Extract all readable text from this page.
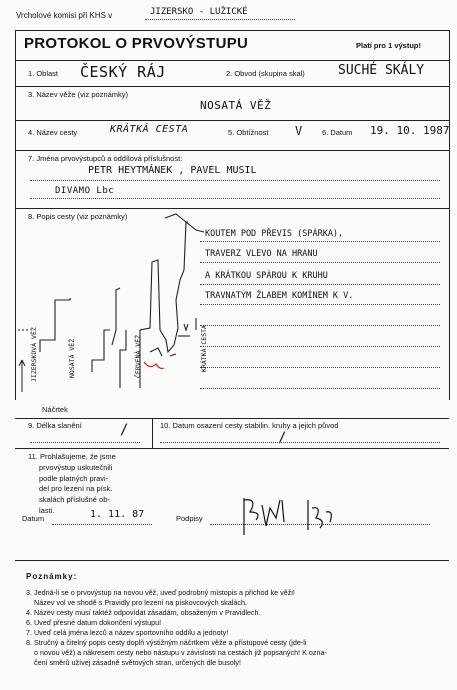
Vrcholové komisi při KHS v	JIZERSKO - LUŽICKÉ
PROTOKOL O PRVOVÝSTUPU	Platí pro 1 výstup!
1. Oblast ČESKÝ RÁJ	2. Obvod (skupina skal)	SUCHÉ SKÁLY
3. Název věže (viz poznámky)
NOSATÁ VĚŽ
4. Název cesty	KRÁTKÁ CESTA	5. Obtížnost V	6. Datum 19. 10. 1987
7. Jména prvovýstupců a oddílová příslušnost:
PETR HEYTMÁNEK , PAVEL MUSIL
DIVAMO Lbc
8. Popis cesty (viz poznámky)
KOUTEM POD PŘEVIS (SPÁRKA),
TRAVERZ VLEVO NA HRANU
A KRÁTKOU SPÁROU K KRUHU
TRAVNATÝM ŽLABEM KOMÍNEM K V.
Náčrtek
JIZERSKOVÁ VĚŽ	NOSATÁ VĚŽ	ČERVENÁ VĚŽ	KRÁTKÁ CESTA
9. Délka slanění	10. Datum osazení cesty stabilin. kruhy a jejich původ
/	/
11. Prohlašujeme, že jsme
prvovýstup uskutečnili
podle platných pravi-
del pro lezení na písk.
skalách příslušné ob-
lasti.
Datum	1. 11. 87	Podpisy
Poznámky:
3. Jedná-li se o prvovýstup na novou věž, uveď podrobný místopis a přichod ke věži!
Název vol ve shodě s Pravidly pro lezení na pískovcových skalách.
4. Název cesty musí taktéž odpovídat zásadám, obsaženým v Pravidlech.
6. Uveď přesné datum dokončení výstupu!
7. Uveď celá jména lezců a název sportovního oddílu a jednoty!
8. Stručný a čitelný popis cesty doplň výstižným náčrtkem věže a přístupové cesty (jde-li
o novou věž) a nákresem cesty nebo nástupu v závislosti na cestách již popsaných! K ozna-
čení směrů užívej zásadně světových stran, určených dle busoly!
